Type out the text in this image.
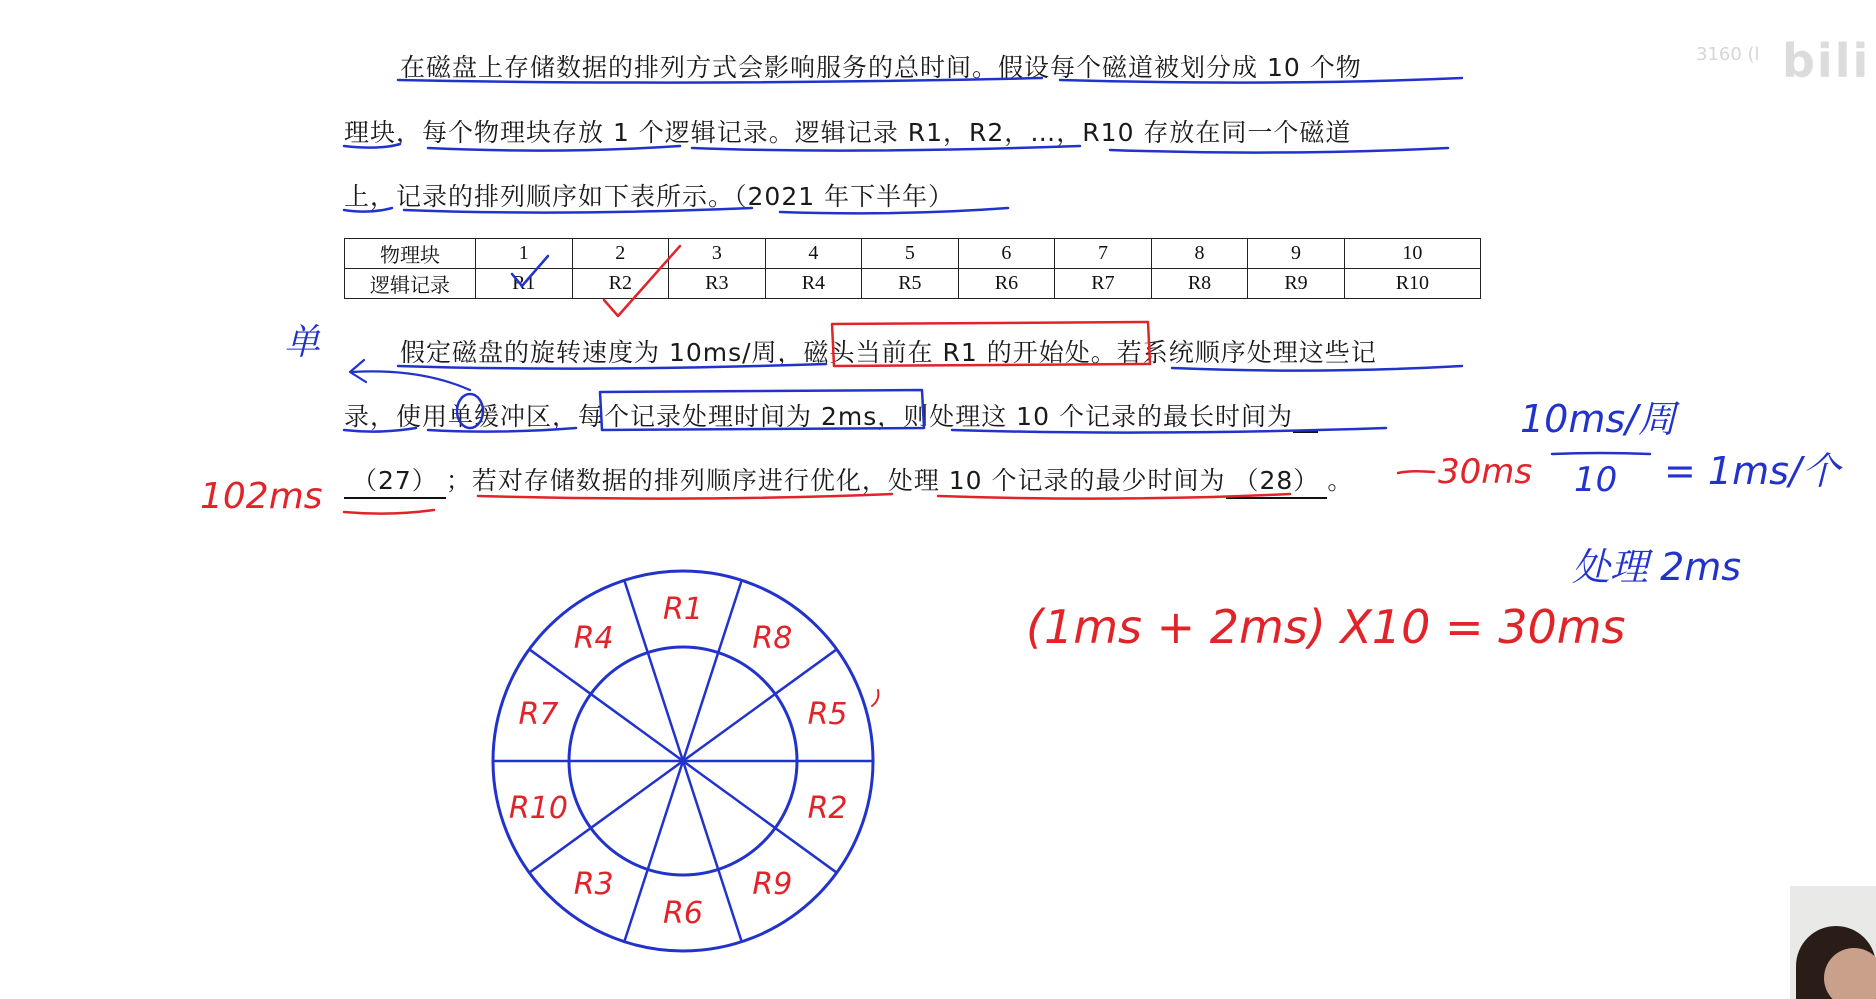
在磁盘上存储数据的排列方式会影响服务的总时间。假设每个磁道被划分成 10 个物
理块，每个物理块存放 1 个逻辑记录。逻辑记录 R1，R2，…，R10 存放在同一个磁道
上，记录的排列顺序如下表所示。（2021 年下半年）
物理块	1	2	3	4	5	6	7	8	9	10
逻辑记录	R1	R2	R3	R4	R5	R6	R7	R8	R9	R10
假定磁盘的旋转速度为 10ms/周，磁头当前在 R1 的开始处。若系统顺序处理这些记
录，使用单缓冲区，每个记录处理时间为 2ms，则处理这 10 个记录的最长时间为
（27） ；若对存储数据的排列顺序进行优化，处理 10 个记录的最少时间为 （28） 。
R1
R8
R5
R2
R9
R6
R3
R10
R7
R4
单
102ms
30ms
10ms/周
10 = 1ms/个
处理 2ms
(1ms + 2ms) X10 = 30ms
3160 (l bili
